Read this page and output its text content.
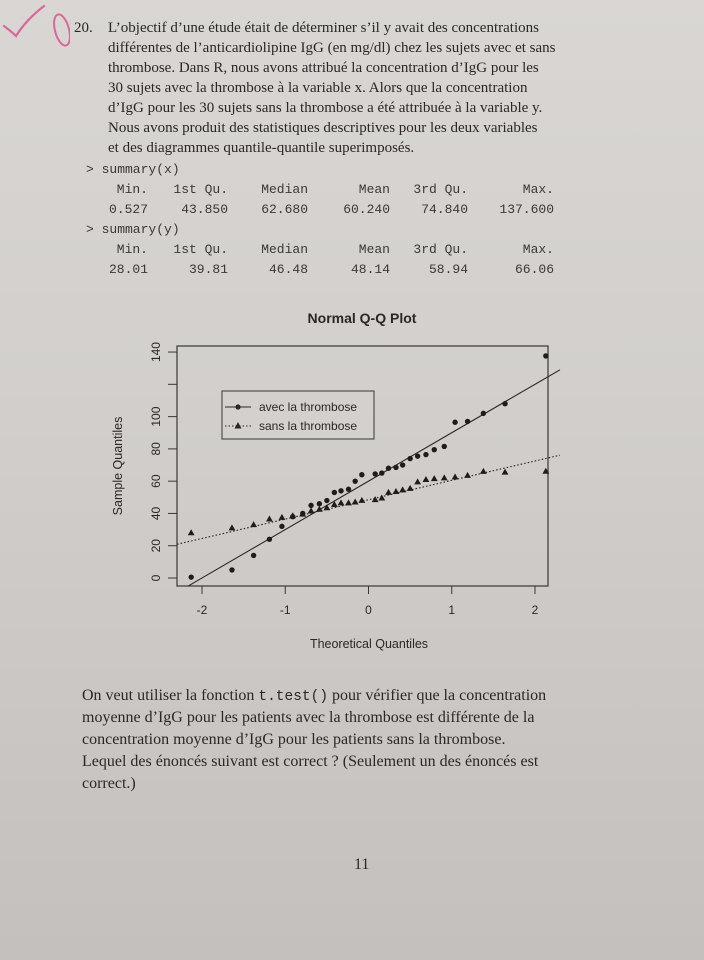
20.	L’objectif d’une étude était de déterminer s’il y avait des concentrations
différentes de l’anticardiolipine IgG (en mg/dl) chez les sujets avec et sans
thrombose. Dans R, nous avons attribué la concentration d’IgG pour les
30 sujets avec la thrombose à la variable x. Alors que la concentration
d’IgG pour les 30 sujets sans la thrombose a été attribuée à la variable y.
Nous avons produit des statistiques descriptives pour les deux variables
et des diagrammes quantile-quantile superimposés.
> summary(x)
Min.	1st Qu.	Median	Mean	3rd Qu.	Max.
0.527	43.850	62.680	60.240	74.840	137.600
> summary(y)
Min.	1st Qu.	Median	Mean	3rd Qu.	Max.
28.01	39.81	46.48	48.14	58.94	66.06
Normal Q-Q Plot
0
20
40
60
80
100
140
-2	-1	0	1	2
Sample Quantiles
Theoretical Quantiles
avec la thrombose
sans la thrombose
On veut utiliser la fonction t.test() pour vérifier que la concentration
moyenne d’IgG pour les patients avec la thrombose est différente de la
concentration moyenne d’IgG pour les patients sans la thrombose.
Lequel des énoncés suivant est correct ? (Seulement un des énoncés est
correct.)
11
